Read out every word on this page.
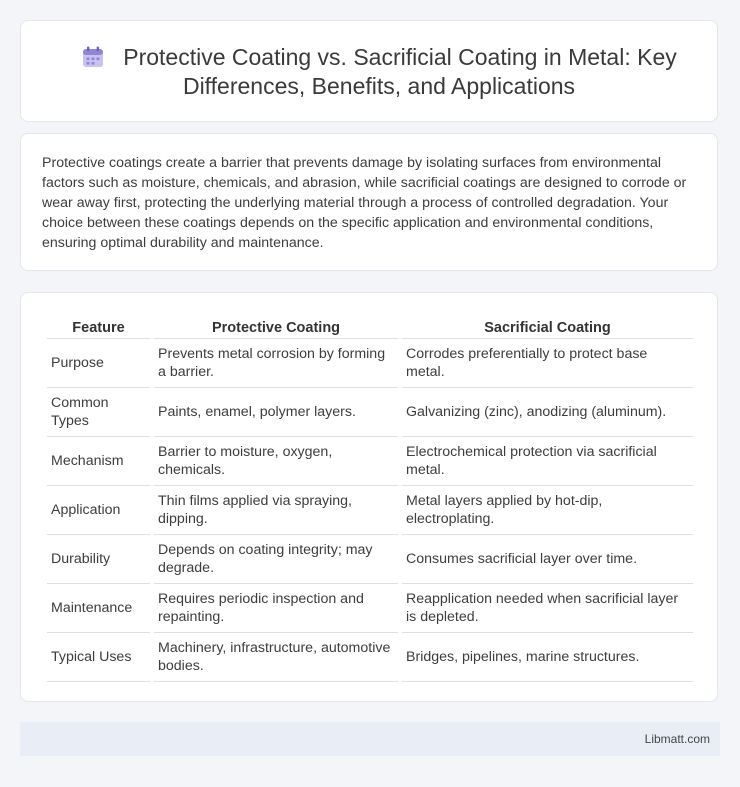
Protective Coating vs. Sacrificial Coating in Metal: Key Differences, Benefits, and Applications
Protective coatings create a barrier that prevents damage by isolating surfaces from environmental factors such as moisture, chemicals, and abrasion, while sacrificial coatings are designed to corrode or wear away first, protecting the underlying material through a process of controlled degradation. Your choice between these coatings depends on the specific application and environmental conditions, ensuring optimal durability and maintenance.
Feature	Protective Coating	Sacrificial Coating
Purpose	Prevents metal corrosion by forming a barrier.	Corrodes preferentially to protect base metal.
Common Types	Paints, enamel, polymer layers.	Galvanizing (zinc), anodizing (aluminum).
Mechanism	Barrier to moisture, oxygen, chemicals.	Electrochemical protection via sacrificial metal.
Application	Thin films applied via spraying, dipping.	Metal layers applied by hot-dip, electroplating.
Durability	Depends on coating integrity; may degrade.	Consumes sacrificial layer over time.
Maintenance	Requires periodic inspection and repainting.	Reapplication needed when sacrificial layer is depleted.
Typical Uses	Machinery, infrastructure, automotive bodies.	Bridges, pipelines, marine structures.
Libmatt.com
